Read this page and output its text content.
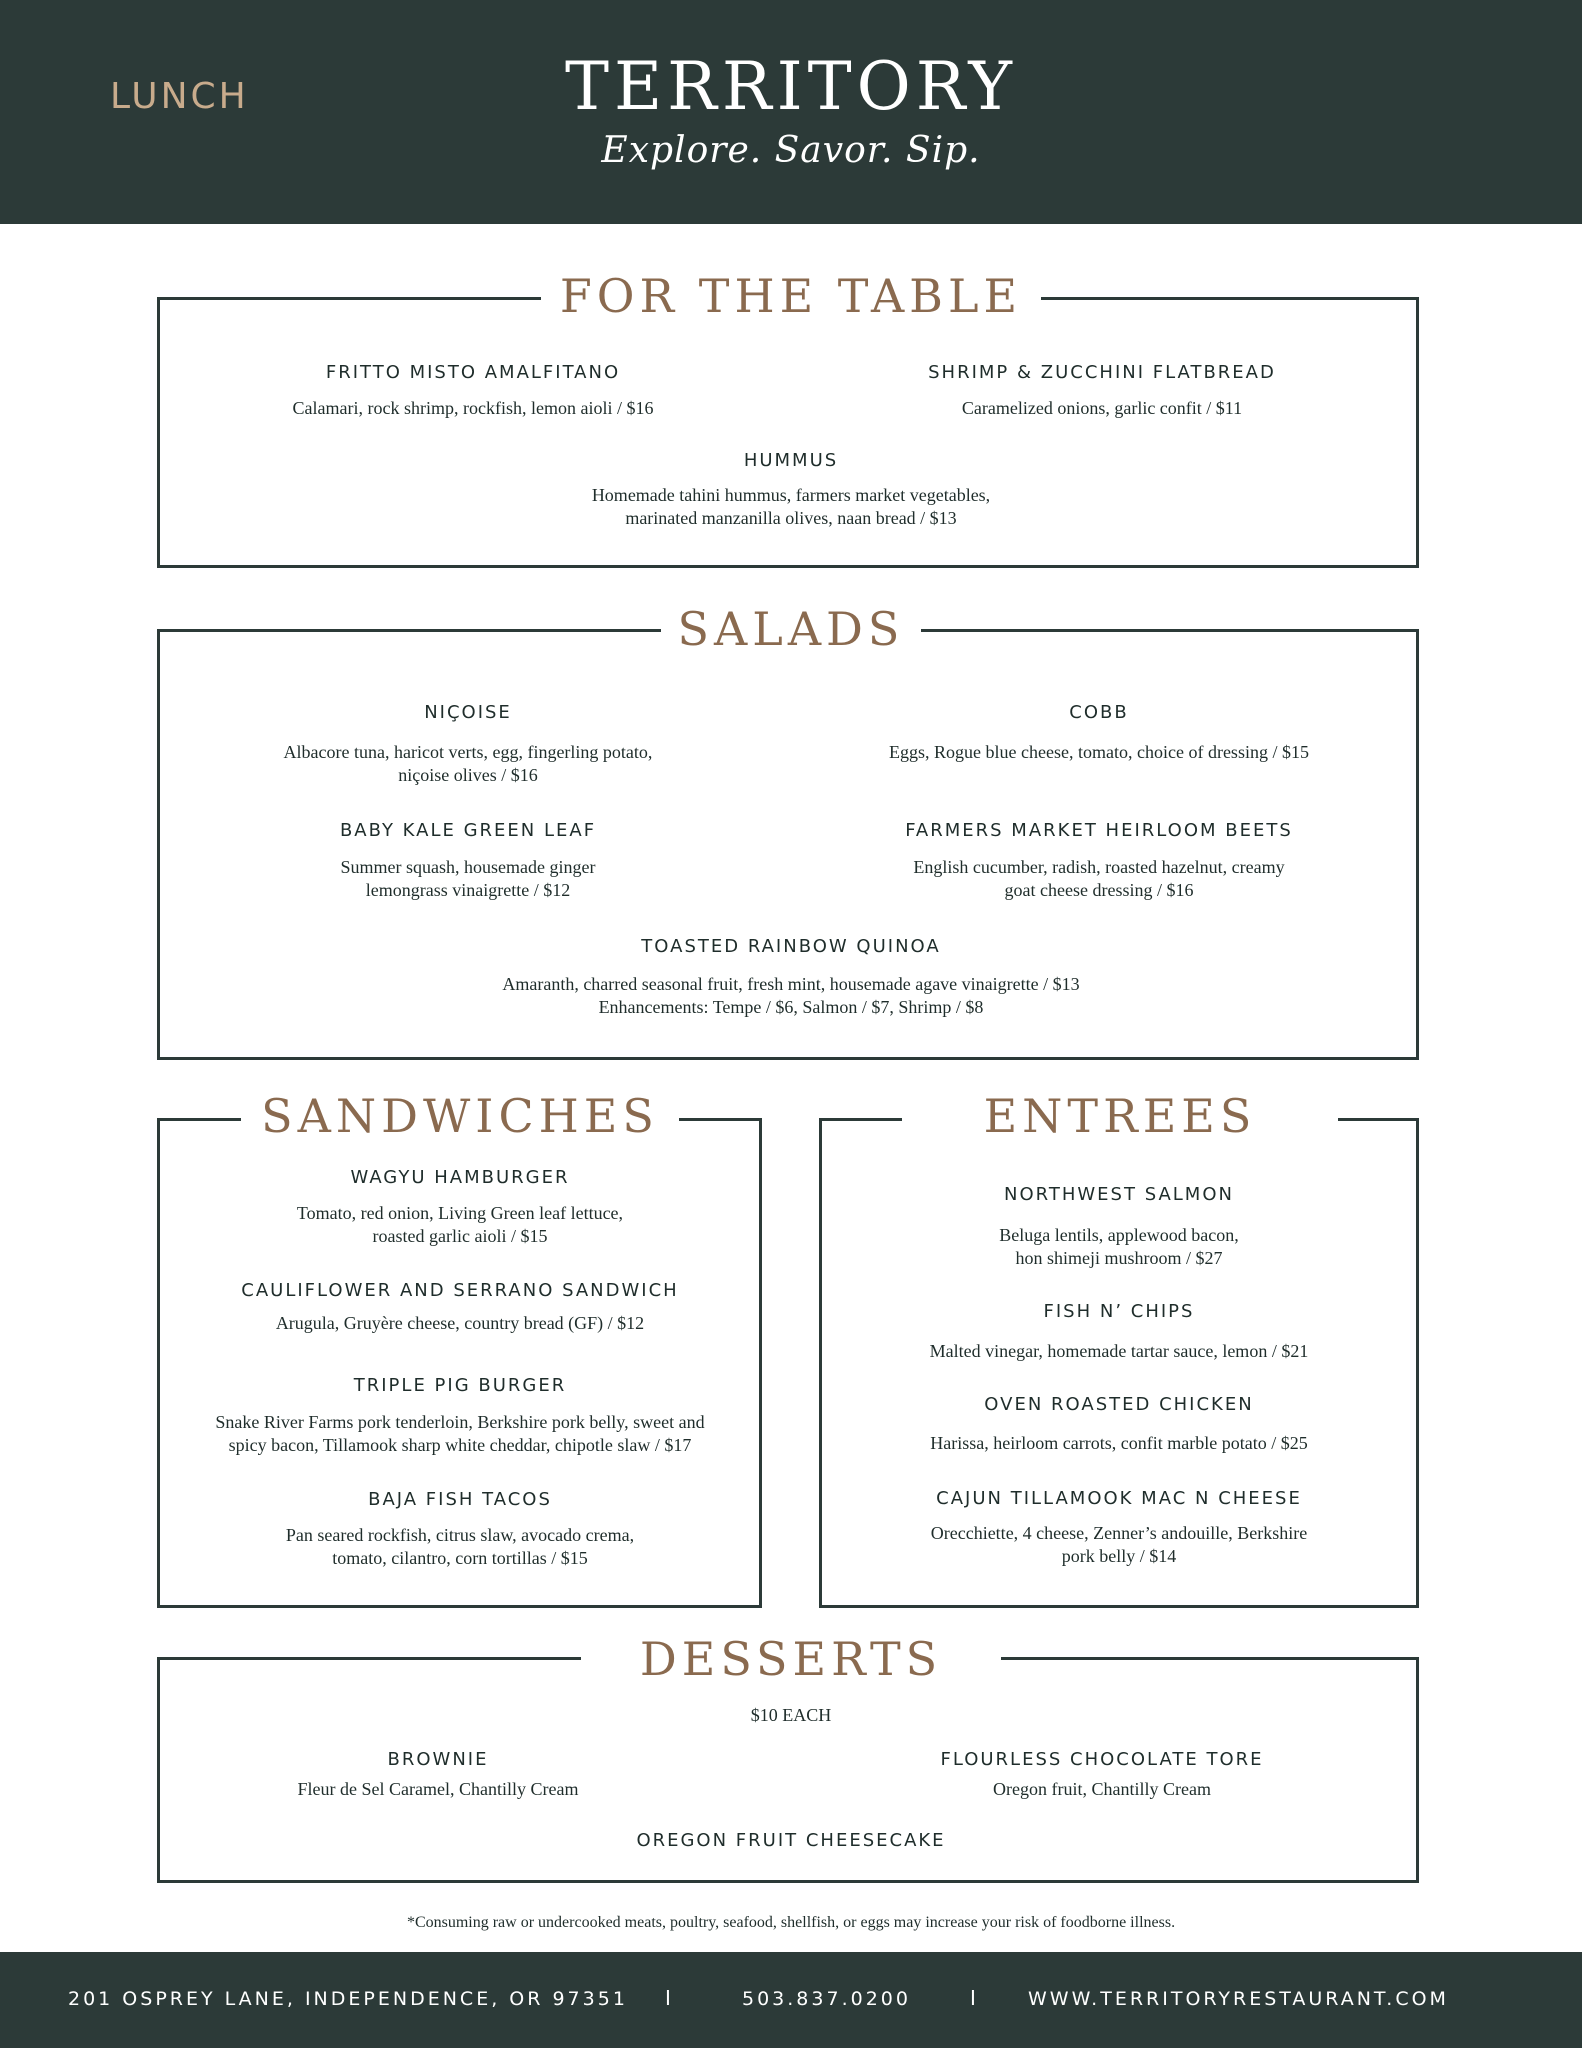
LUNCH	TERRITORY
Explore. Savor. Sip.
FOR THE TABLE
FRITTO MISTO AMALFITANO
Calamari, rock shrimp, rockfish, lemon aioli / $16
SHRIMP & ZUCCHINI FLATBREAD
Caramelized onions, garlic confit / $11
HUMMUS
Homemade tahini hummus, farmers market vegetables,
marinated manzanilla olives, naan bread / $13
SALADS
NIÇOISE
Albacore tuna, haricot verts, egg, fingerling potato,
niçoise olives / $16
COBB
Eggs, Rogue blue cheese, tomato, choice of dressing / $15
BABY KALE GREEN LEAF
Summer squash, housemade ginger
lemongrass vinaigrette / $12
FARMERS MARKET HEIRLOOM BEETS
English cucumber, radish, roasted hazelnut, creamy
goat cheese dressing / $16
TOASTED RAINBOW QUINOA
Amaranth, charred seasonal fruit, fresh mint, housemade agave vinaigrette / $13
Enhancements: Tempe / $6, Salmon / $7, Shrimp / $8
SANDWICHES
WAGYU HAMBURGER
Tomato, red onion, Living Green leaf lettuce,
roasted garlic aioli / $15
CAULIFLOWER AND SERRANO SANDWICH
Arugula, Gruyère cheese, country bread (GF) / $12
TRIPLE PIG BURGER
Snake River Farms pork tenderloin, Berkshire pork belly, sweet and
spicy bacon, Tillamook sharp white cheddar, chipotle slaw / $17
BAJA FISH TACOS
Pan seared rockfish, citrus slaw, avocado crema,
tomato, cilantro, corn tortillas / $15
ENTREES
NORTHWEST SALMON
Beluga lentils, applewood bacon,
hon shimeji mushroom / $27
FISH N’ CHIPS
Malted vinegar, homemade tartar sauce, lemon / $21
OVEN ROASTED CHICKEN
Harissa, heirloom carrots, confit marble potato / $25
CAJUN TILLAMOOK MAC N CHEESE
Orecchiette, 4 cheese, Zenner’s andouille, Berkshire
pork belly / $14
DESSERTS
$10 EACH
BROWNIE
Fleur de Sel Caramel, Chantilly Cream
FLOURLESS CHOCOLATE TORE
Oregon fruit, Chantilly Cream
OREGON FRUIT CHEESECAKE
*Consuming raw or undercooked meats, poultry, seafood, shellfish, or eggs may increase your risk of foodborne illness.
201 OSPREY LANE, INDEPENDENCE, OR 97351 I	503.837.0200	I	WWW.TERRITORYRESTAURANT.COM
